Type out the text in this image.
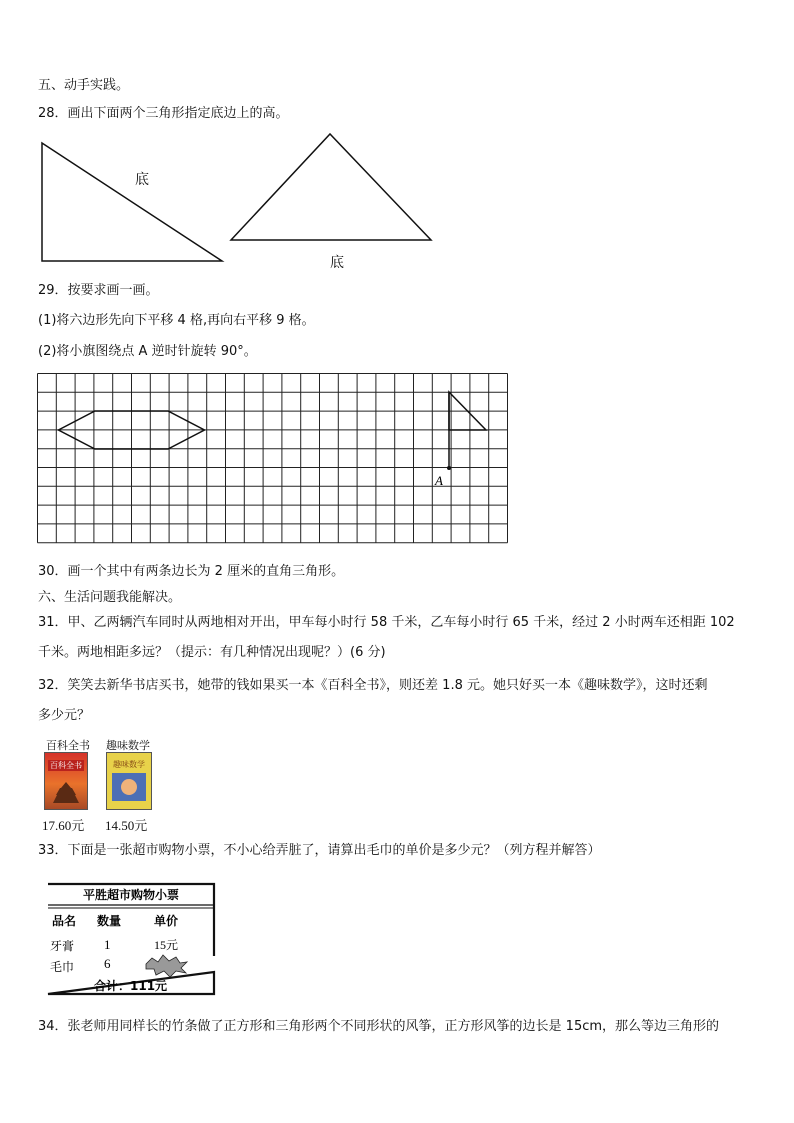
五、动手实践。
28．画出下面两个三角形指定底边上的高。
底
底
29．按要求画一画。
(1)将六边形先向下平移 4 格,再向右平移 9 格。
(2)将小旗图绕点 A 逆时针旋转 90°。
A
30．画一个其中有两条边长为 2 厘米的直角三角形。
六、生活问题我能解决。
31．甲、乙两辆汽车同时从两地相对开出，甲车每小时行 58 千米，乙车每小时行 65 千米，经过 2 小时两车还相距 102
千米。两地相距多远？（提示：有几种情况出现呢？）(6 分)
32．笑笑去新华书店买书，她带的钱如果买一本《百科全书》，则还差 1.8 元。她只好买一本《趣味数学》，这时还剩
多少元？
百科全书
百科全书
17.60元
趣味数学
趣味数学
14.50元
33．下面是一张超市购物小票，不小心给弄脏了，请算出毛巾的单价是多少元？（列方程并解答）
平胜超市购物小票
品名 数量	单价
牙膏 1	15元
毛巾 6
合计：111元
34．张老师用同样长的竹条做了正方形和三角形两个不同形状的风筝，正方形风筝的边长是 15cm，那么等边三角形的
